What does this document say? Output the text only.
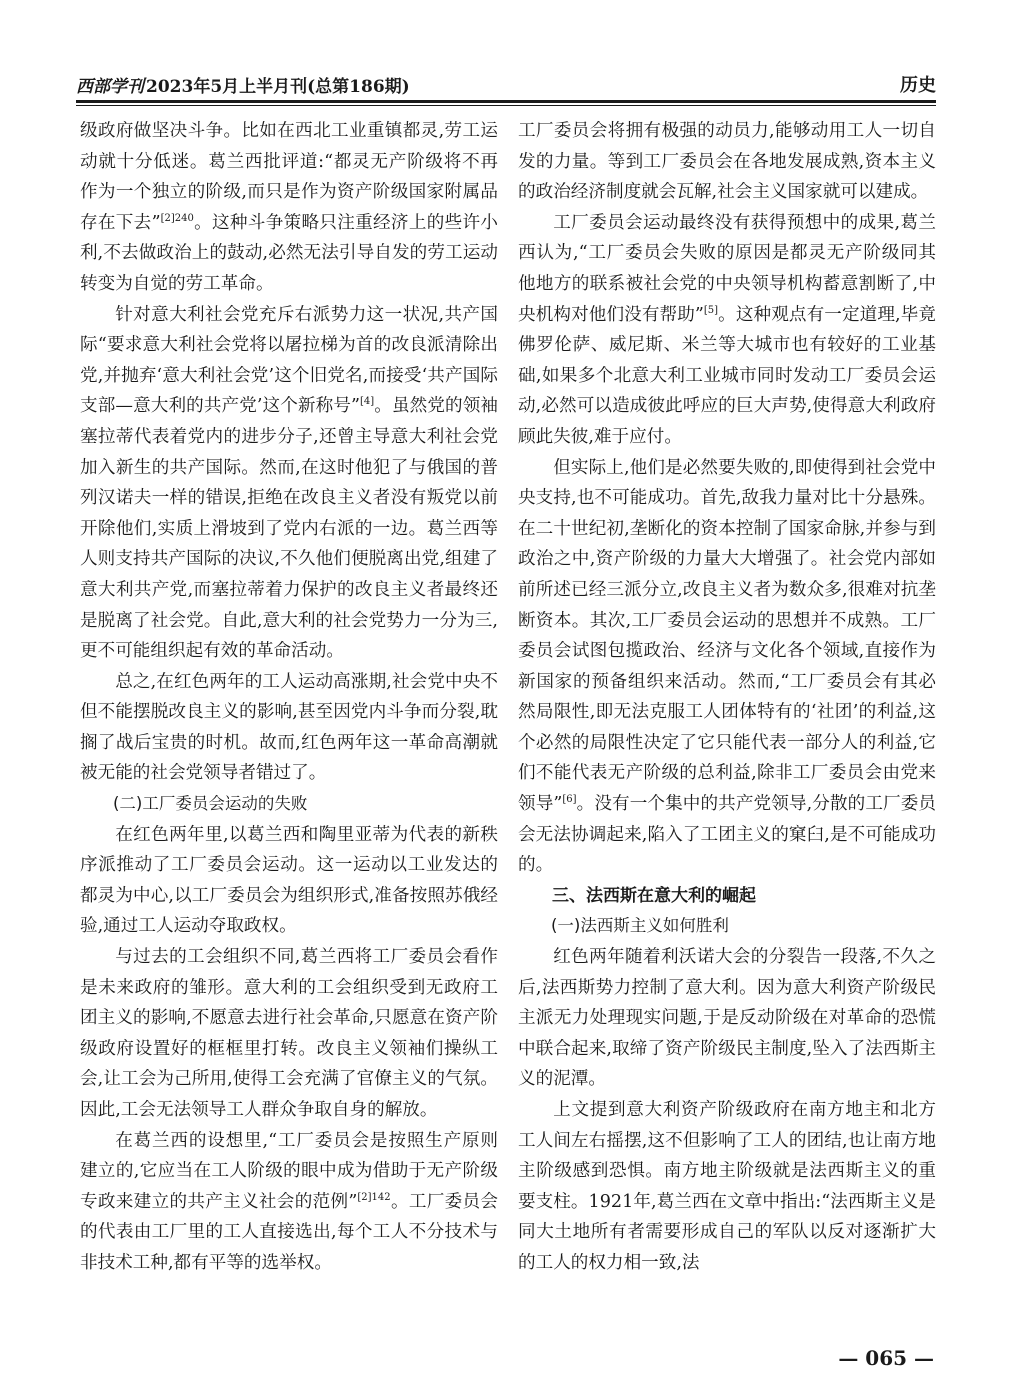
西部学刊 2023年5月上半月刊(总第186期)	历史

级政府做坚决斗争。比如在西北工业重镇都灵,劳工运动就十分低迷。葛兰西批评道:“都灵无产阶级将不再作为一个独立的阶级,而只是作为资产阶级国家附属品存在下去”$^{[2]240}$。这种斗争策略只注重经济上的些许小利,不去做政治上的鼓动,必然无法引导自发的劳工运动转变为自觉的劳工革命。

针对意大利社会党充斥右派势力这一状况,共产国际“要求意大利社会党将以屠拉梯为首的改良派清除出党,并抛弃‘意大利社会党’这个旧党名,而接受‘共产国际支部—意大利的共产党’这个新称号”[4]。虽然党的领袖塞拉蒂代表着党内的进步分子,还曾主导意大利社会党加入新生的共产国际。然而,在这时他犯了与俄国的普列汉诺夫一样的错误,拒绝在改良主义者没有叛党以前开除他们,实质上滑坡到了党内右派的一边。葛兰西等人则支持共产国际的决议,不久他们便脱离出党,组建了意大利共产党,而塞拉蒂着力保护的改良主义者最终还是脱离了社会党。自此,意大利的社会党势力一分为三,更不可能组织起有效的革命活动。

总之,在红色两年的工人运动高涨期,社会党中央不但不能摆脱改良主义的影响,甚至因党内斗争而分裂,耽搁了战后宝贵的时机。故而,红色两年这一革命高潮就被无能的社会党领导者错过了。

(二)工厂委员会运动的失败

在红色两年里,以葛兰西和陶里亚蒂为代表的新秩序派推动了工厂委员会运动。这一运动以工业发达的都灵为中心,以工厂委员会为组织形式,准备按照苏俄经验,通过工人运动夺取政权。

与过去的工会组织不同,葛兰西将工厂委员会看作是未来政府的雏形。意大利的工会组织受到无政府工团主义的影响,不愿意去进行社会革命,只愿意在资产阶级政府设置好的框框里打转。改良主义领袖们操纵工会,让工会为己所用,使得工会充满了官僚主义的气氛。因此,工会无法领导工人群众争取自身的解放。

在葛兰西的设想里,“工厂委员会是按照生产原则建立的,它应当在工人阶级的眼中成为借助于无产阶级专政来建立的共产主义社会的范例”$^{[2]142}$。工厂委员会的代表由工厂里的工人直接选出,每个工人不分技术与非技术工种,都有平等的选举权。

工厂委员会将拥有极强的动员力,能够动用工人一切自发的力量。等到工厂委员会在各地发展成熟,资本主义的政治经济制度就会瓦解,社会主义国家就可以建成。

工厂委员会运动最终没有获得预想中的成果,葛兰西认为,“工厂委员会失败的原因是都灵无产阶级同其他地方的联系被社会党的中央领导机构蓄意割断了,中央机构对他们没有帮助”[5]。这种观点有一定道理,毕竟佛罗伦萨、威尼斯、米兰等大城市也有较好的工业基础,如果多个北意大利工业城市同时发动工厂委员会运动,必然可以造成彼此呼应的巨大声势,使得意大利政府顾此失彼,难于应付。

但实际上,他们是必然要失败的,即使得到社会党中央支持,也不可能成功。首先,敌我力量对比十分悬殊。在二十世纪初,垄断化的资本控制了国家命脉,并参与到政治之中,资产阶级的力量大大增强了。社会党内部如前所述已经三派分立,改良主义者为数众多,很难对抗垄断资本。其次,工厂委员会运动的思想并不成熟。工厂委员会试图包揽政治、经济与文化各个领域,直接作为新国家的预备组织来活动。然而,“工厂委员会有其必然局限性,即无法克服工人团体特有的‘社团’的利益,这个必然的局限性决定了它只能代表一部分人的利益,它们不能代表无产阶级的总利益,除非工厂委员会由党来领导”[6]。没有一个集中的共产党领导,分散的工厂委员会无法协调起来,陷入了工团主义的窠臼,是不可能成功的。

三、法西斯在意大利的崛起

(一)法西斯主义如何胜利

红色两年随着利沃诺大会的分裂告一段落,不久之后,法西斯势力控制了意大利。因为意大利资产阶级民主派无力处理现实问题,于是反动阶级在对革命的恐慌中联合起来,取缔了资产阶级民主制度,坠入了法西斯主义的泥潭。

上文提到意大利资产阶级政府在南方地主和北方工人间左右摇摆,这不但影响了工人的团结,也让南方地主阶级感到恐惧。南方地主阶级就是法西斯主义的重要支柱。1921年,葛兰西在文章中指出:“法西斯主义是同大土地所有者需要形成自己的军队以反对逐渐扩大的工人的权力相一致,法

— 065 —
